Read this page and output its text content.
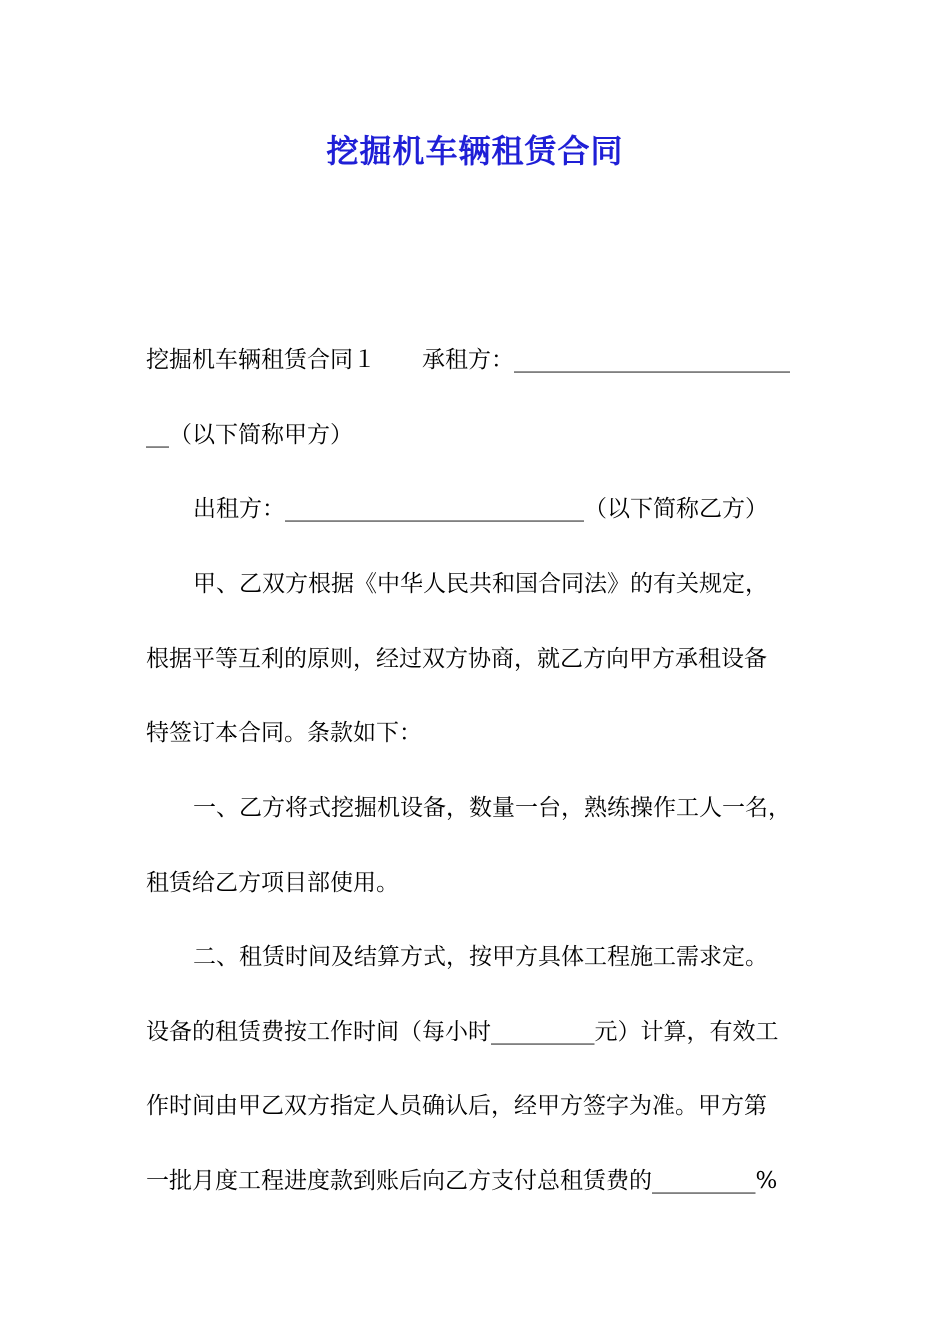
挖掘机车辆租赁合同

挖掘机车辆租赁合同１　　承租方：________________________

__（以下简称甲方）

出租方：__________________________（以下简称乙方）

甲、乙双方根据《中华人民共和国合同法》的有关规定，

根据平等互利的原则，经过双方协商，就乙方向甲方承租设备

特签订本合同。条款如下：

一、乙方将式挖掘机设备，数量一台，熟练操作工人一名，

租赁给乙方项目部使用。

二、租赁时间及结算方式，按甲方具体工程施工需求定。

设备的租赁费按工作时间（每小时_________元）计算，有效工

作时间由甲乙双方指定人员确认后，经甲方签字为准。甲方第

一批月度工程进度款到账后向乙方支付总租赁费的_________%
